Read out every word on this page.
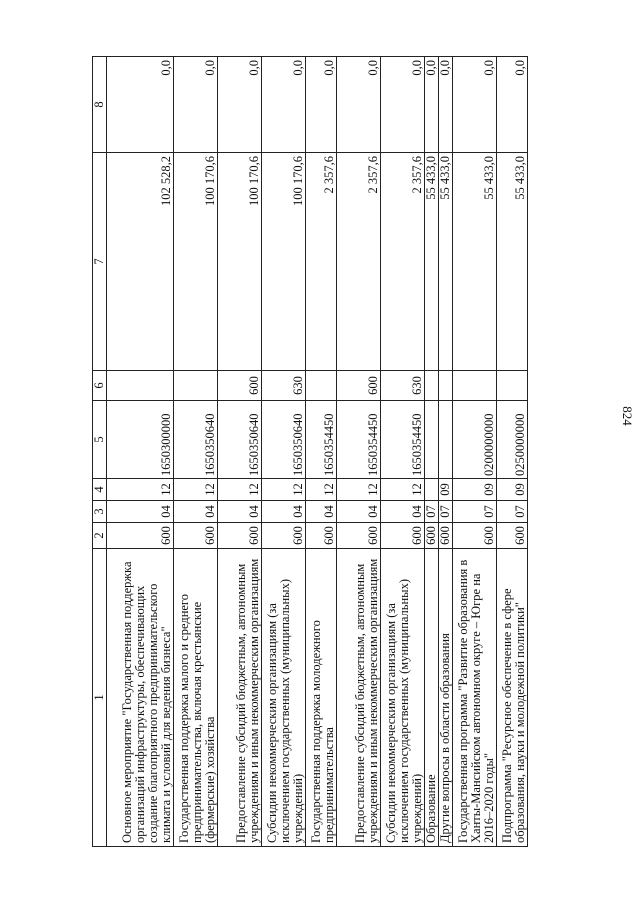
824
1	2	3	4	5	6	7	8
Основное мероприятие "Государственная поддержка организаций инфраструктуры, обеспечивающих создание благоприятного предпринимательского климата и условий для ведения бизнеса"	600	04	12	1650300000		102 528,2	0,0
Государственная поддержка малого и среднего предпринимательства, включая крестьянские (фермерские) хозяйства	600	04	12	1650350640		100 170,6	0,0
Предоставление субсидий бюджетным, автономным учреждениям и иным некоммерческим организациям	600	04	12	1650350640	600	100 170,6	0,0
Субсидии некоммерческим организациям (за исключением государственных (муниципальных) учреждений)	600	04	12	1650350640	630	100 170,6	0,0
Государственная поддержка молодежного предпринимательства	600	04	12	1650354450		2 357,6	0,0
Предоставление субсидий бюджетным, автономным учреждениям и иным некоммерческим организациям	600	04	12	1650354450	600	2 357,6	0,0
Субсидии некоммерческим организациям (за исключением государственных (муниципальных) учреждений)	600	04	12	1650354450	630	2 357,6	0,0
Образование	600	07				55 433,0	0,0
Другие вопросы в области образования	600	07	09			55 433,0	0,0
Государственная программа "Развитие образования в Ханты-Мансийском автономном округе – Югре на 2016–2020 годы"	600	07	09	0200000000		55 433,0	0,0
Подпрограмма "Ресурсное обеспечение в сфере образования, науки и молодежной политики"	600	07	09	0250000000		55 433,0	0,0
